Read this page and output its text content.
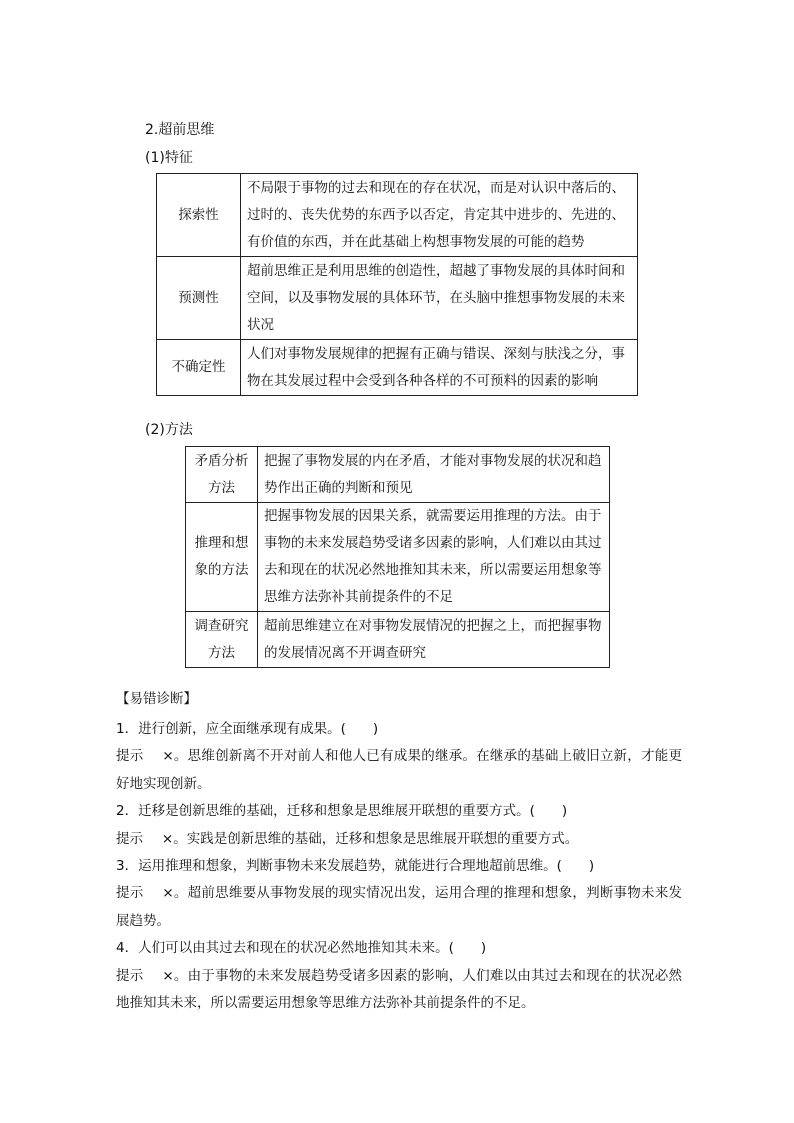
2.超前思维
(1)特征
探索性	不局限于事物的过去和现在的存在状况，而是对认识中落后的、过时的、丧失优势的东西予以否定，肯定其中进步的、先进的、有价值的东西，并在此基础上构想事物发展的可能的趋势
预测性	超前思维正是利用思维的创造性，超越了事物发展的具体时间和空间，以及事物发展的具体环节，在头脑中推想事物发展的未来状况
不确定性	人们对事物发展规律的把握有正确与错误、深刻与肤浅之分，事物在其发展过程中会受到各种各样的不可预料的因素的影响
(2)方法
矛盾分析方法	把握了事物发展的内在矛盾，才能对事物发展的状况和趋势作出正确的判断和预见
推理和想象的方法	把握事物发展的因果关系，就需要运用推理的方法。由于事物的未来发展趋势受诸多因素的影响，人们难以由其过去和现在的状况必然地推知其未来，所以需要运用想象等思维方法弥补其前提条件的不足
调查研究方法	超前思维建立在对事物发展情况的把握之上，而把握事物的发展情况离不开调查研究
【易错诊断】

1．进行创新，应全面继承现有成果。(　　)

提示 ×。思维创新离不开对前人和他人已有成果的继承。在继承的基础上破旧立新，才能更好地实现创新。

2．迁移是创新思维的基础，迁移和想象是思维展开联想的重要方式。(　　)

提示 ×。实践是创新思维的基础，迁移和想象是思维展开联想的重要方式。

3．运用推理和想象，判断事物未来发展趋势，就能进行合理地超前思维。(　　)

提示 ×。超前思维要从事物发展的现实情况出发，运用合理的推理和想象，判断事物未来发展趋势。

4．人们可以由其过去和现在的状况必然地推知其未来。(　　)

提示 ×。由于事物的未来发展趋势受诸多因素的影响，人们难以由其过去和现在的状况必然地推知其未来，所以需要运用想象等思维方法弥补其前提条件的不足。
